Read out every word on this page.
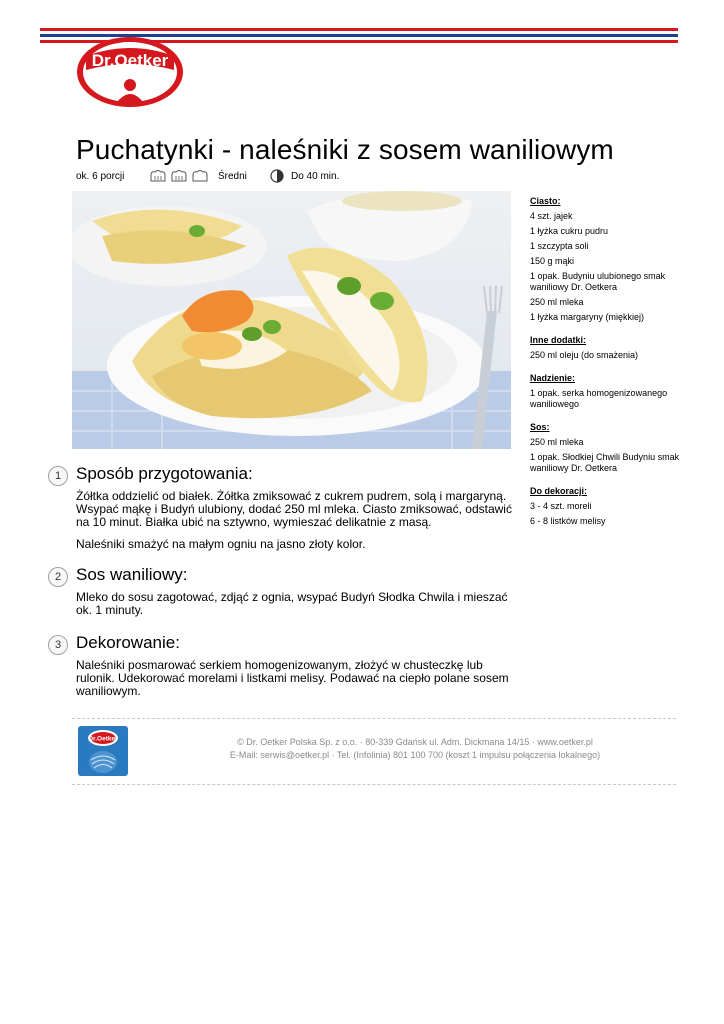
Dr.Oetker
Puchatynki - naleśniki z sosem waniliowym
ok. 6 porcji	Średni	Do 40 min.
Ciasto:
4 szt. jajek
1 łyżka cukru pudru
1 szczypta soli
150 g mąki
1 opak. Budyniu ulubionego smak waniliowy Dr. Oetkera
250 ml mleka
1 łyżka margaryny (miękkiej)
Inne dodatki:
250 ml oleju (do smażenia)
Nadzienie:
1 opak. serka homogenizowanego waniliowego
Sos:
250 ml mleka
1 opak. Słodkiej Chwili Budyniu smak waniliowy Dr. Oetkera
Do dekoracji:
3 - 4 szt. moreli
6 - 8 listków melisy
1 Sposób przygotowania:

Żółtka oddzielić od białek. Żółtka zmiksować z cukrem pudrem, solą i margaryną. Wsypać mąkę i Budyń ulubiony, dodać 250 ml mleka. Ciasto zmiksować, odstawić na 10 minut. Białka ubić na sztywno, wymieszać delikatnie z masą.

Naleśniki smażyć na małym ogniu na jasno złoty kolor.

2 Sos waniliowy:

Mleko do sosu zagotować, zdjąć z ognia, wsypać Budyń Słodka Chwila i mieszać ok. 1 minuty.

3 Dekorowanie:

Naleśniki posmarować serkiem homogenizowanym, złożyć w chusteczkę lub rulonik. Udekorować morelami i listkami melisy. Podawać na ciepło polane sosem waniliowym.

Dr.Oetker	© Dr. Oetker Polska Sp. z o.o. · 80-339 Gdańsk ul. Adm. Dickmana 14/15 · www.oetker.pl
E-Mail: serwis@oetker.pl · Tel. (Infolinia) 801 100 700 (koszt 1 impulsu połączenia lokalnego)
